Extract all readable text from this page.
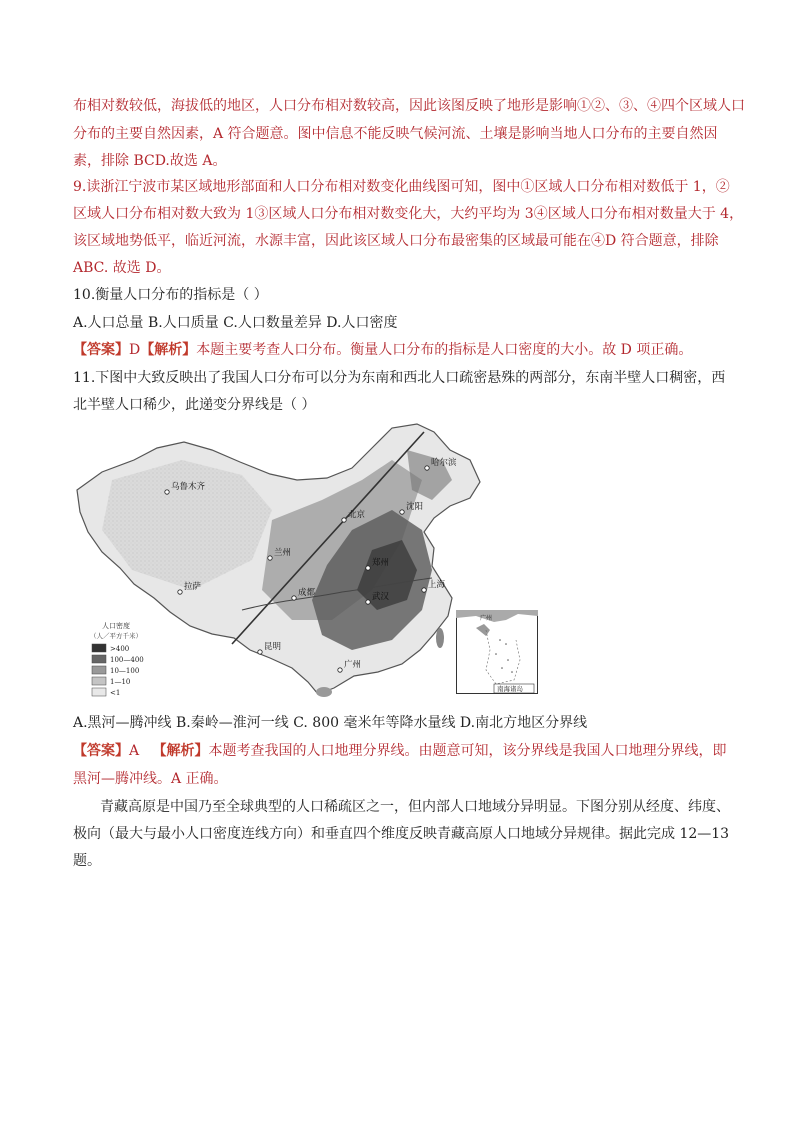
布相对数较低，海拔低的地区，人口分布相对数较高，因此该图反映了地形是影响①②、③、④四个区域人口
分布的主要自然因素，A 符合题意。图中信息不能反映气候河流、土壤是影响当地人口分布的主要自然因
素，排除 BCD.故选 A。
9.读浙江宁波市某区域地形部面和人口分布相对数变化曲线图可知，图中①区域人口分布相对数低于 1，②
区域人口分布相对数大致为 1③区域人口分布相对数变化大，大约平均为 3④区域人口分布相对数量大于 4，
该区域地势低平，临近河流，水源丰富，因此该区域人口分布最密集的区域最可能在④D 符合题意，排除
ABC. 故选 D。
10.衡量人口分布的指标是（ ）
A.人口总量 B.人口质量 C.人口数量差异 D.人口密度
11.下图中大致反映出了我国人口分布可以分为东南和西北人口疏密悬殊的两部分，东南半壁人口稠密，西
北半壁人口稀少，此递变分界线是（ ）
A.黑河—腾冲线 B.秦岭—淮河一线 C. 800 毫米年等降水量线 D.南北方地区分界线
黑河—腾冲线。A 正确。
青藏高原是中国乃至全球典型的人口稀疏区之一，但内部人口地域分异明显。下图分别从经度、纬度、
极向（最大与最小人口密度连线方向）和垂直四个维度反映青藏高原人口地域分异规律。据此完成 12—13
题。
【答案】D【解析】本题主要考查人口分布。衡量人口分布的指标是人口密度的大小。故 D 项正确。
【答案】A 【解析】本题考查我国的人口地理分界线。由题意可知，该分界线是我国人口地理分界线，即
乌鲁木齐
哈尔滨
沈阳
北京
兰州
郑州
上海
拉萨
成都	武汉
昆明
广州
人口密度
（人／平方千米）
>400
100—400
10—100
1—10
<1
广州
南海诸岛
